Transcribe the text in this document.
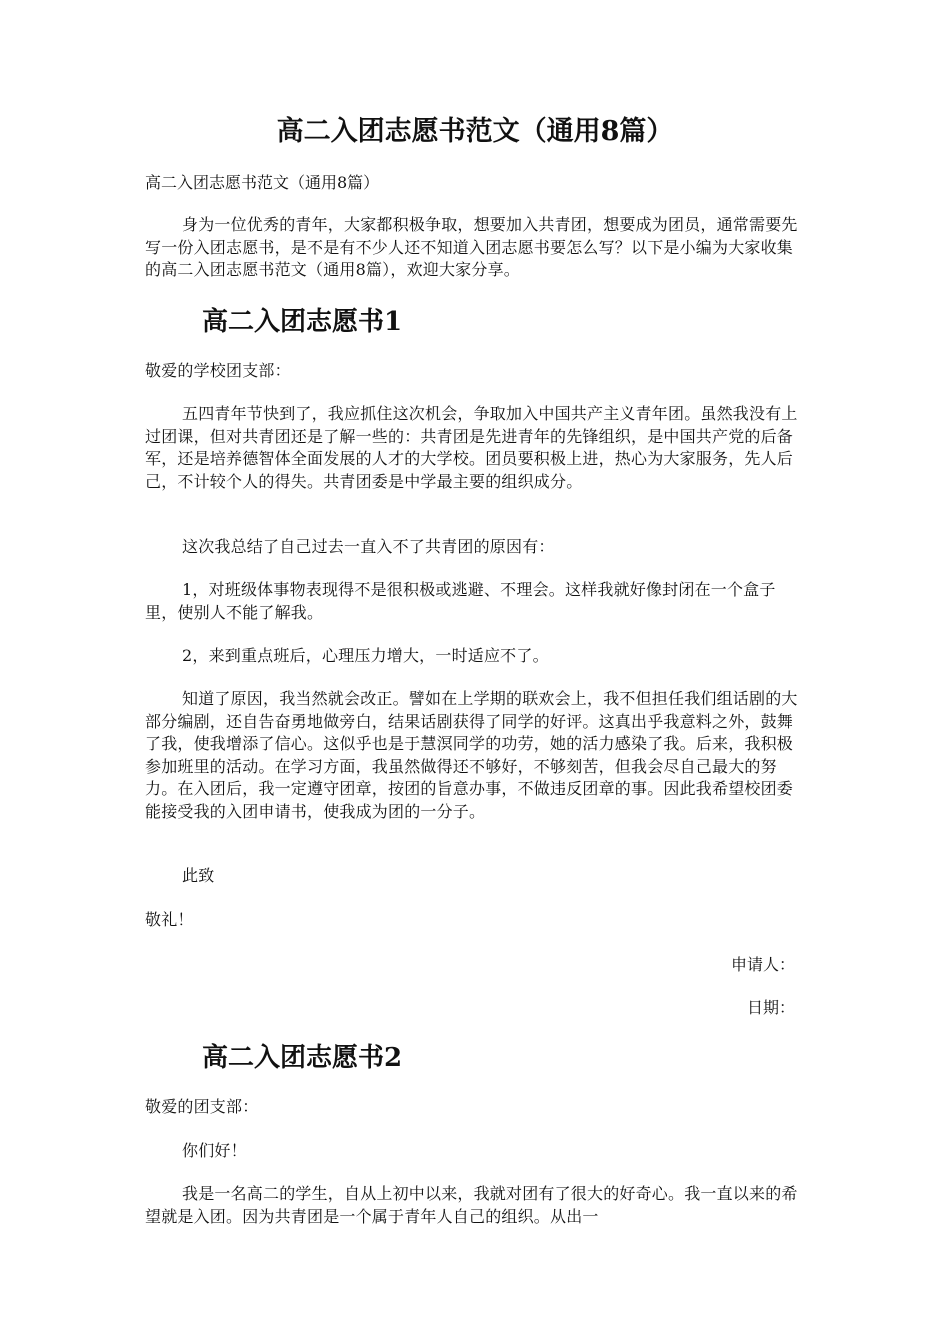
高二入团志愿书范文（通用8篇）
高二入团志愿书范文（通用8篇）
身为一位优秀的青年，大家都积极争取，想要加入共青团，想要成为团员，通常需要先写一份入团志愿书，是不是有不少人还不知道入团志愿书要怎么写？以下是小编为大家收集的高二入团志愿书范文（通用8篇），欢迎大家分享。
高二入团志愿书1
敬爱的学校团支部：
五四青年节快到了，我应抓住这次机会，争取加入中国共产主义青年团。虽然我没有上过团课，但对共青团还是了解一些的：共青团是先进青年的先锋组织，是中国共产党的后备军，还是培养德智体全面发展的人才的大学校。团员要积极上进，热心为大家服务，先人后己，不计较个人的得失。共青团委是中学最主要的组织成分。
这次我总结了自己过去一直入不了共青团的原因有：
1，对班级体事物表现得不是很积极或逃避、不理会。这样我就好像封闭在一个盒子里，使别人不能了解我。
2，来到重点班后，心理压力增大，一时适应不了。
知道了原因，我当然就会改正。譬如在上学期的联欢会上，我不但担任我们组话剧的大部分编剧，还自告奋勇地做旁白，结果话剧获得了同学的好评。这真出乎我意料之外，鼓舞了我，使我增添了信心。这似乎也是于慧溟同学的功劳，她的活力感染了我。后来，我积极参加班里的活动。在学习方面，我虽然做得还不够好，不够刻苦，但我会尽自己最大的努力。在入团后，我一定遵守团章，按团的旨意办事，不做违反团章的事。因此我希望校团委能接受我的入团申请书，使我成为团的一分子。
此致
敬礼！
申请人：
日期：
高二入团志愿书2
敬爱的团支部：
你们好！
我是一名高二的学生，自从上初中以来，我就对团有了很大的好奇心。我一直以来的希望就是入团。因为共青团是一个属于青年人自己的组织。从出一
